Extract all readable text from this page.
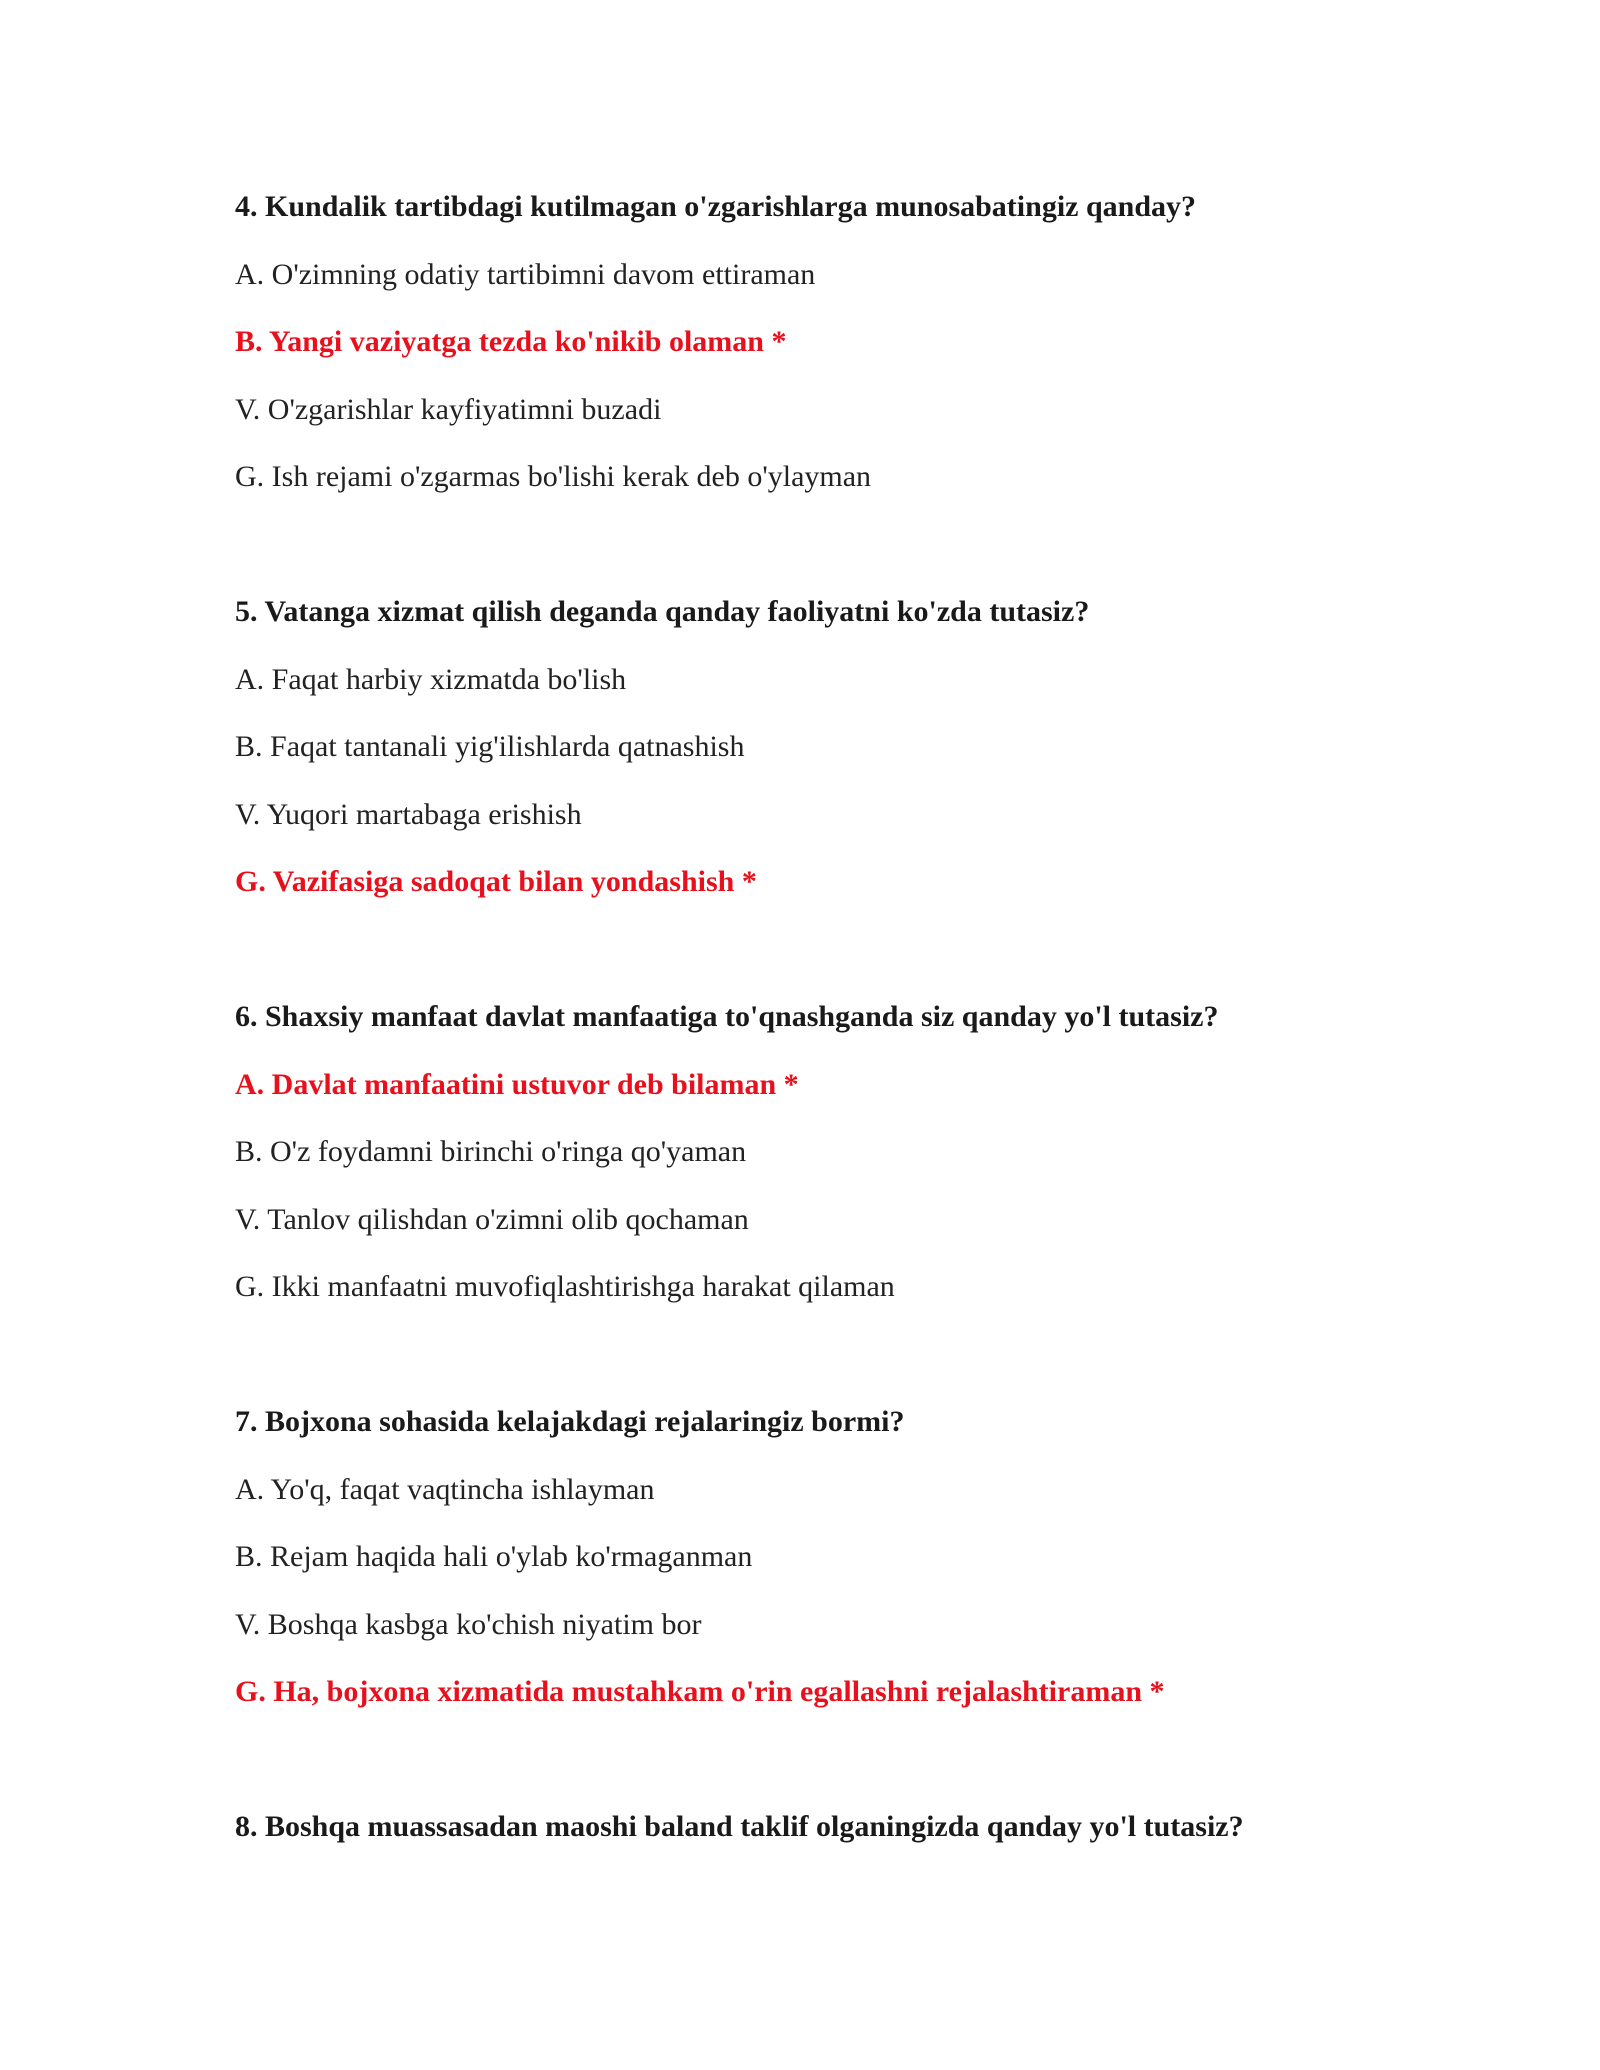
4. Kundalik tartibdagi kutilmagan o'zgarishlarga munosabatingiz qanday?
A. O'zimning odatiy tartibimni davom ettiraman
B. Yangi vaziyatga tezda ko'nikib olaman *
V. O'zgarishlar kayfiyatimni buzadi
G. Ish rejami o'zgarmas bo'lishi kerak deb o'ylayman
5. Vatanga xizmat qilish deganda qanday faoliyatni ko'zda tutasiz?
A. Faqat harbiy xizmatda bo'lish
B. Faqat tantanali yig'ilishlarda qatnashish
V. Yuqori martabaga erishish
G. Vazifasiga sadoqat bilan yondashish *
6. Shaxsiy manfaat davlat manfaatiga to'qnashganda siz qanday yo'l tutasiz?
A. Davlat manfaatini ustuvor deb bilaman *
B. O'z foydamni birinchi o'ringa qo'yaman
V. Tanlov qilishdan o'zimni olib qochaman
G. Ikki manfaatni muvofiqlashtirishga harakat qilaman
7. Bojxona sohasida kelajakdagi rejalaringiz bormi?
A. Yo'q, faqat vaqtincha ishlayman
B. Rejam haqida hali o'ylab ko'rmaganman
V. Boshqa kasbga ko'chish niyatim bor
G. Ha, bojxona xizmatida mustahkam o'rin egallashni rejalashtiraman *
8. Boshqa muassasadan maoshi baland taklif olganingizda qanday yo'l tutasiz?
